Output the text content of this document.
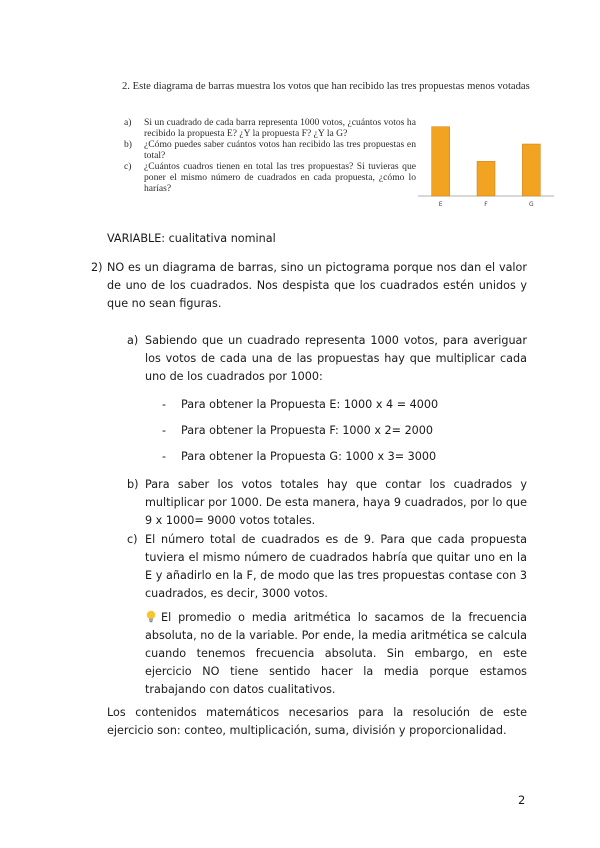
2. Este diagrama de barras muestra los votos que han recibido las tres propuestas menos votadas
a) Si un cuadrado de cada barra representa 1000 votos, ¿cuántos votos ha recibido la propuesta E? ¿Y la propuesta F? ¿Y la G?
b) ¿Cómo puedes saber cuántos votos han recibido las tres propuestas en total?
c) ¿Cuántos cuadros tienen en total las tres propuestas? Si tuvieras que poner el mismo número de cuadrados en cada propuesta, ¿cómo lo harías?
E	F	G

VARIABLE: cualitativa nominal

2) NO es un diagrama de barras, sino un pictograma porque nos dan el valor de uno de los cuadrados. Nos despista que los cuadrados estén unidos y que no sean figuras.

a) Sabiendo que un cuadrado representa 1000 votos, para averiguar los votos de cada una de las propuestas hay que multiplicar cada uno de los cuadrados por 1000:

- Para obtener la Propuesta E: 1000 x 4 = 4000
- Para obtener la Propuesta F: 1000 x 2= 2000
- Para obtener la Propuesta G: 1000 x 3= 3000
b) Para saber los votos totales hay que contar los cuadrados y multiplicar por 1000. De esta manera, haya 9 cuadrados, por lo que 9 x 1000= 9000 votos totales.

c) El número total de cuadrados es de 9. Para que cada propuesta tuviera el mismo número de cuadrados habría que quitar uno en la E y añadirlo en la F, de modo que las tres propuestas contase con 3 cuadrados, es decir, 3000 votos.

El promedio o media aritmética lo sacamos de la frecuencia absoluta, no de la variable. Por ende, la media aritmética se calcula cuando tenemos frecuencia absoluta. Sin embargo, en este ejercicio NO tiene sentido hacer la media porque estamos trabajando con datos cualitativos.

Los contenidos matemáticos necesarios para la resolución de este ejercicio son: conteo, multiplicación, suma, división y proporcionalidad.

2
